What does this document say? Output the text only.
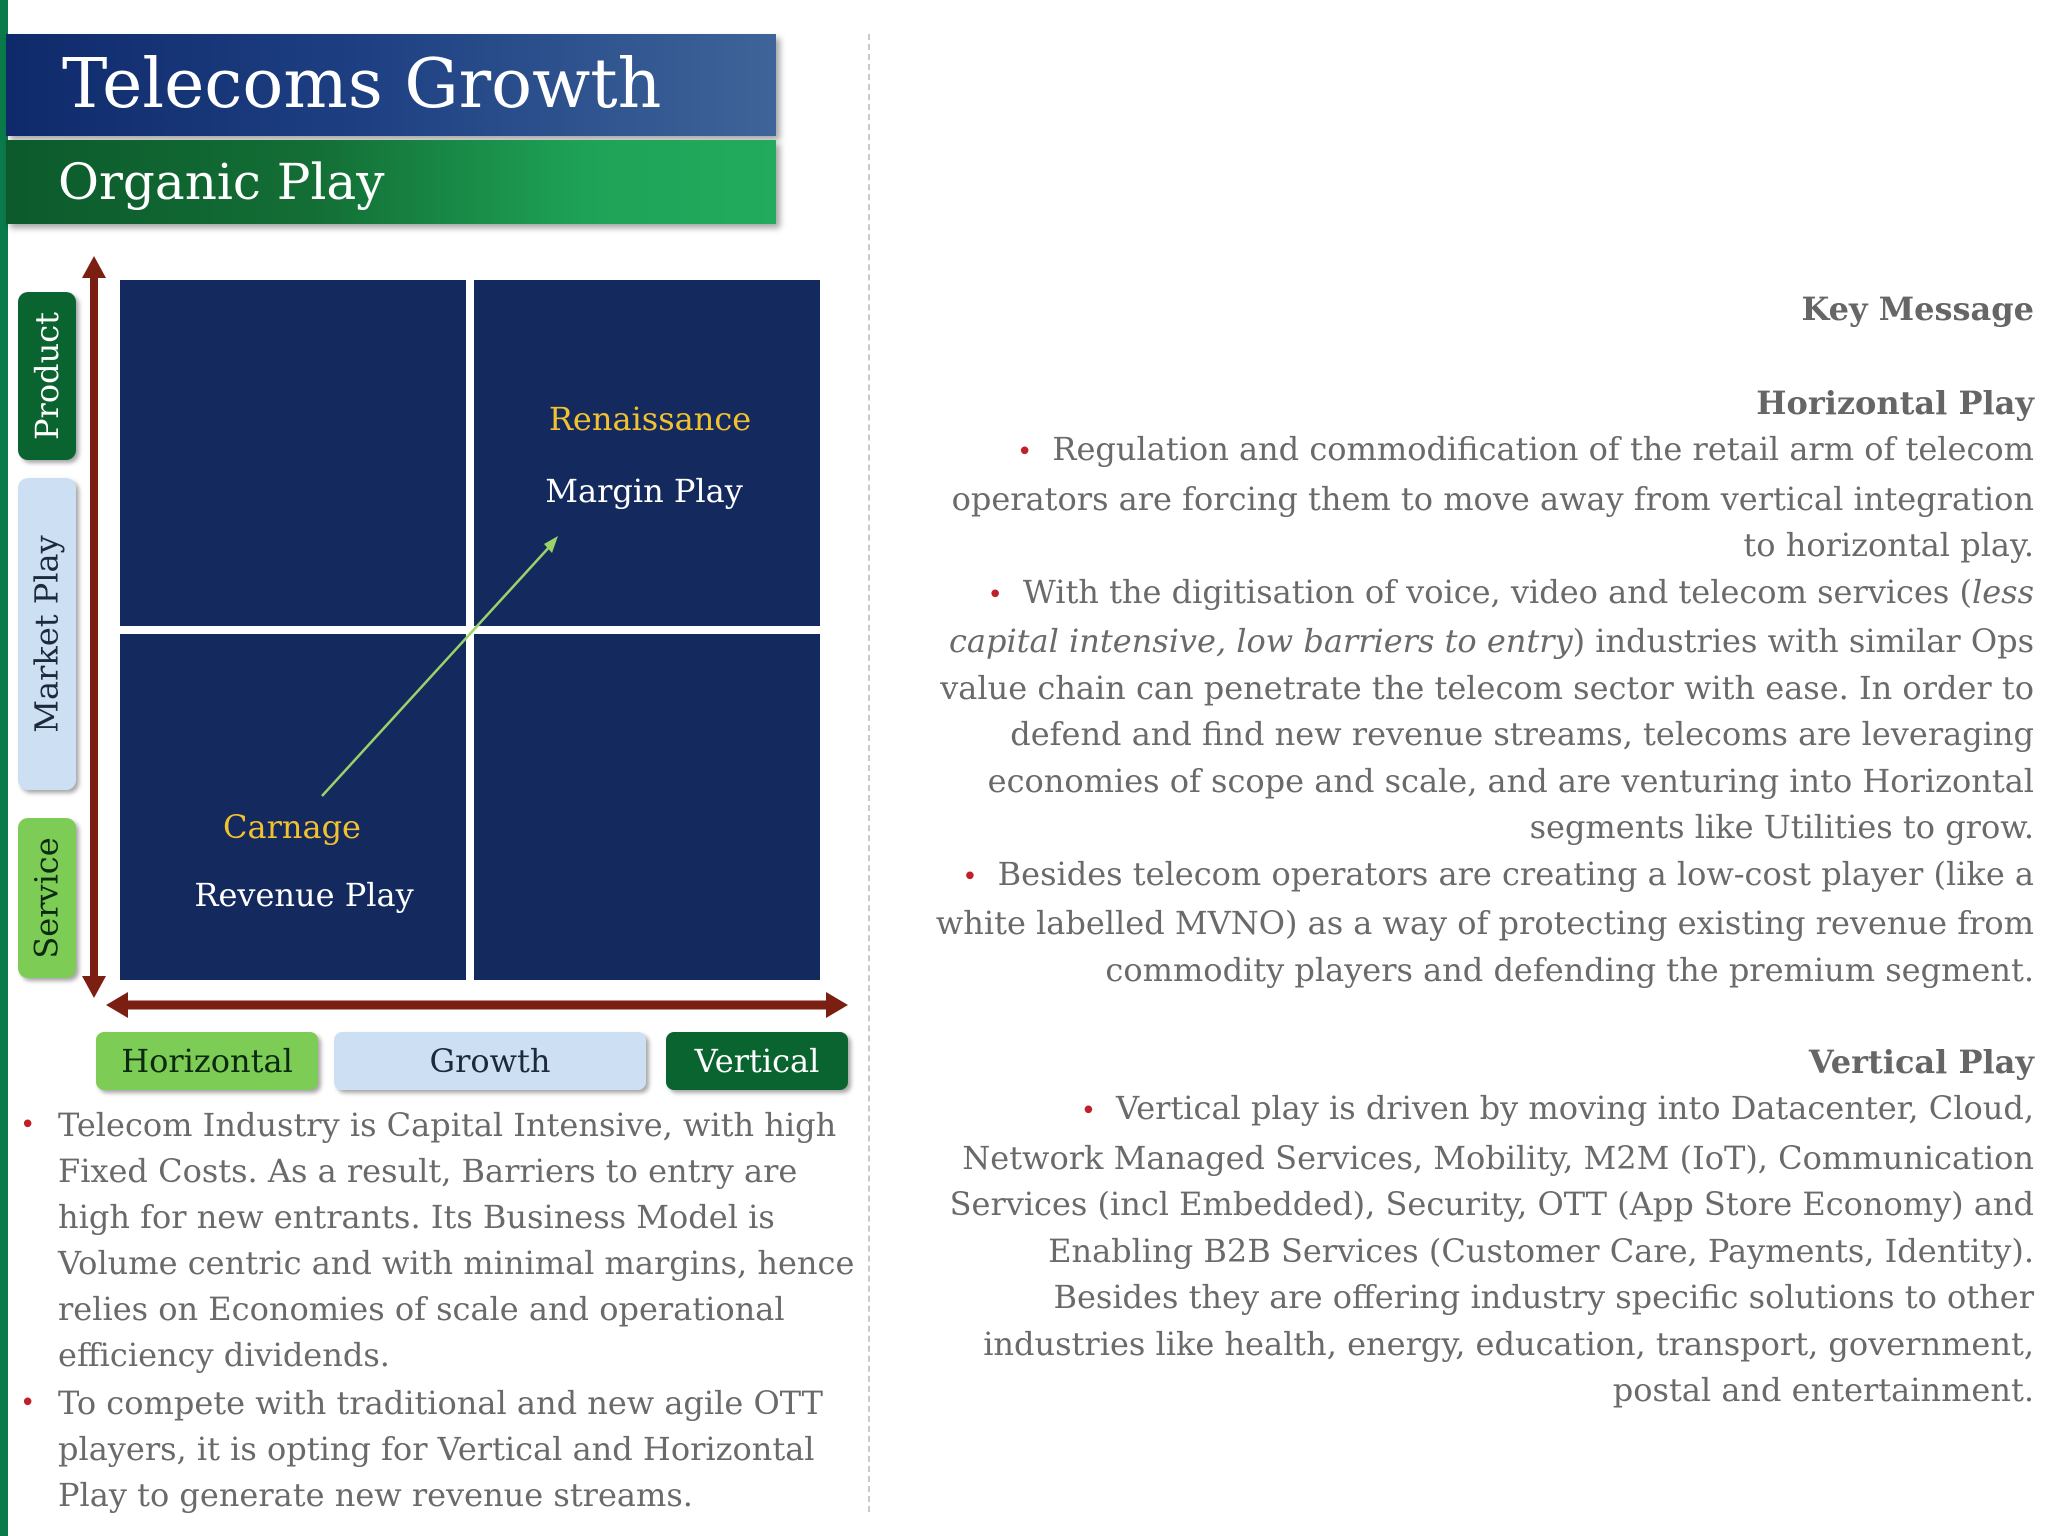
Telecoms Growth
Organic Play
Renaissance
Margin Play
Carnage
Revenue Play
Product
Market Play
Service
Horizontal	Growth	Vertical
• Telecom Industry is Capital Intensive, with high Fixed Costs. As a result, Barriers to entry are high for new entrants. Its Business Model is Volume centric and with minimal margins, hence relies on Economies of scale and operational efficiency dividends.
• To compete with traditional and new agile OTT players, it is opting for Vertical and Horizontal Play to generate new revenue streams.
Key Message
Horizontal Play

• Regulation and commodification of the retail arm of telecom operators are forcing them to move away from vertical integration to horizontal play.

• With the digitisation of voice, video and telecom services (less capital intensive, low barriers to entry) industries with similar Ops value chain can penetrate the telecom sector with ease. In order to defend and find new revenue streams, telecoms are leveraging economies of scope and scale, and are venturing into Horizontal segments like Utilities to grow.

• Besides telecom operators are creating a low-cost player (like a white labelled MVNO) as a way of protecting existing revenue from commodity players and defending the premium segment.

Vertical Play

• Vertical play is driven by moving into Datacenter, Cloud, Network Managed Services, Mobility, M2M (IoT), Communication Services (incl Embedded), Security, OTT (App Store Economy) and Enabling B2B Services (Customer Care, Payments, Identity). Besides they are offering industry specific solutions to other industries like health, energy, education, transport, government, postal and entertainment.
